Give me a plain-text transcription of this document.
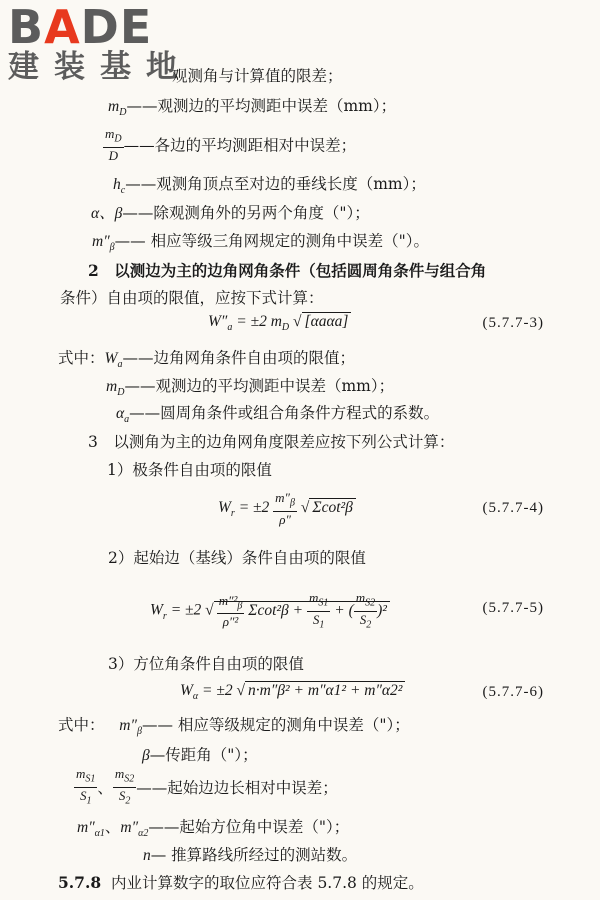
BADE
建装基地
观测角与计算值的限差；
$m_D——$观测边的平均测距中误差（mm）；
$\frac{m_D}{D}$ ——各边的平均测距相对中误差；
$h_c——$观测角顶点至对边的垂线长度（mm）；
α、β——除观测角外的另两个角度（"）；
$m''_\beta——$ 相应等级三角网规定的测角中误差（"）。
2　以测边为主的边角网角条件（包括圆周角条件与组合角
条件）自由项的限值，应按下式计算：
$W''_a = \pm 2$ $m_D$ √ [αaαa]	(5.7.7-3)
式中：$W_a——$边角网角条件自由项的限值；
$m_D——$观测边的平均测距中误差（mm）；
$\alpha_a——$圆周角条件或组合角条件方程式的系数。
3　以测角为主的边角网角度限差应按下列公式计算：
1）极条件自由项的限值
$W_r = \pm 2 \frac{m''_\beta}{\rho''}$ √ Σcot²β	(5.7.7-4)
2）起始边（基线）条件自由项的限值
$W_r = \pm 2$ √ $\frac{m''^2_\beta}{\text{ρ″²}} \Sigma\cot^2\beta + \frac{m_{S1}}{S_1}$ + ( $\frac{m_{S2}}{S_2} )^2$	(5.7.7-5)
3）方位角条件自由项的限值
$W_\alpha = \pm 2$ √ n·m″β² + m″α1² + m″α2²	(5.7.7-6)
式中： $m''_\beta——$ 相应等级规定的测角中误差（"）；
β—传距角（"）；
$\frac{m_{S1}}{S_1}$ 、 $\frac{m_{S2}}{S_2}$ ——起始边边长相对中误差；
$m''_{\alpha 1}$、$m''_{\alpha 2}——$起始方位角中误差（"）；
n— 推算路线所经过的测站数。
5.7.8 内业计算数字的取位应符合表 5.7.8 的规定。
